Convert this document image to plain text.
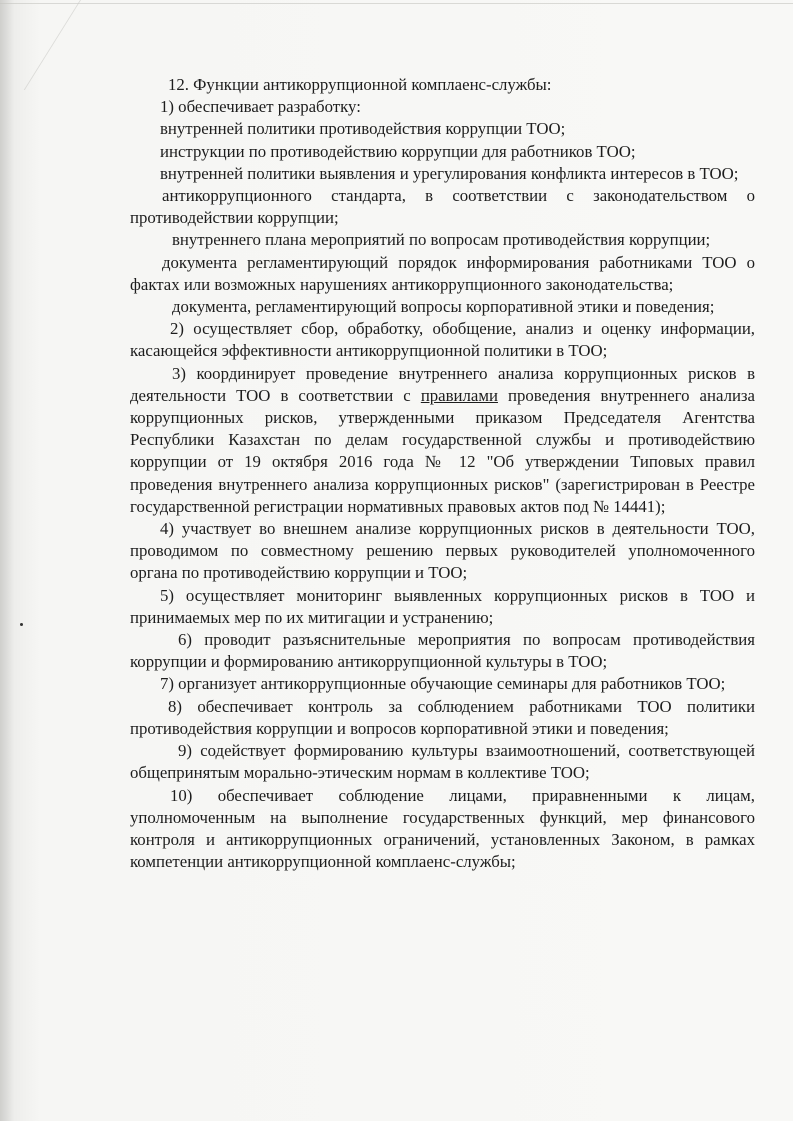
12. Функции антикоррупционной комплаенс-службы:

1) обеспечивает разработку:

внутренней политики противодействия коррупции ТОО;

инструкции по противодействию коррупции для работников ТОО;

внутренней политики выявления и урегулирования конфликта интересов в ТОО;

антикоррупционного стандарта, в соответствии с законодательством о противодействии коррупции;

внутреннего плана мероприятий по вопросам противодействия коррупции;

документа регламентирующий порядок информирования работниками ТОО о фактах или возможных нарушениях антикоррупционного законодательства;

документа, регламентирующий вопросы корпоративной этики и поведения;

2) осуществляет сбор, обработку, обобщение, анализ и оценку информации, касающейся эффективности антикоррупционной политики в ТОО;

3) координирует проведение внутреннего анализа коррупционных рисков в деятельности ТОО в соответствии с правилами проведения внутреннего анализа коррупционных рисков, утвержденными приказом Председателя Агентства Республики Казахстан по делам государственной службы и противодействию коррупции от 19 октября 2016 года № 12 "Об утверждении Типовых правил проведения внутреннего анализа коррупционных рисков" (зарегистрирован в Реестре государственной регистрации нормативных правовых актов под № 14441);

4) участвует во внешнем анализе коррупционных рисков в деятельности ТОО, проводимом по совместному решению первых руководителей уполномоченного органа по противодействию коррупции и ТОО;

5) осуществляет мониторинг выявленных коррупционных рисков в ТОО и принимаемых мер по их митигации и устранению;

6) проводит разъяснительные мероприятия по вопросам противодействия коррупции и формированию антикоррупционной культуры в ТОО;

7) организует антикоррупционные обучающие семинары для работников ТОО;

8) обеспечивает контроль за соблюдением работниками ТОО политики противодействия коррупции и вопросов корпоративной этики и поведения;

9) содействует формированию культуры взаимоотношений, соответствующей общепринятым морально-этическим нормам в коллективе ТОО;

10) обеспечивает соблюдение лицами, приравненными к лицам, уполномоченным на выполнение государственных функций, мер финансового контроля и антикоррупционных ограничений, установленных Законом, в рамках компетенции антикоррупционной комплаенс-службы;
